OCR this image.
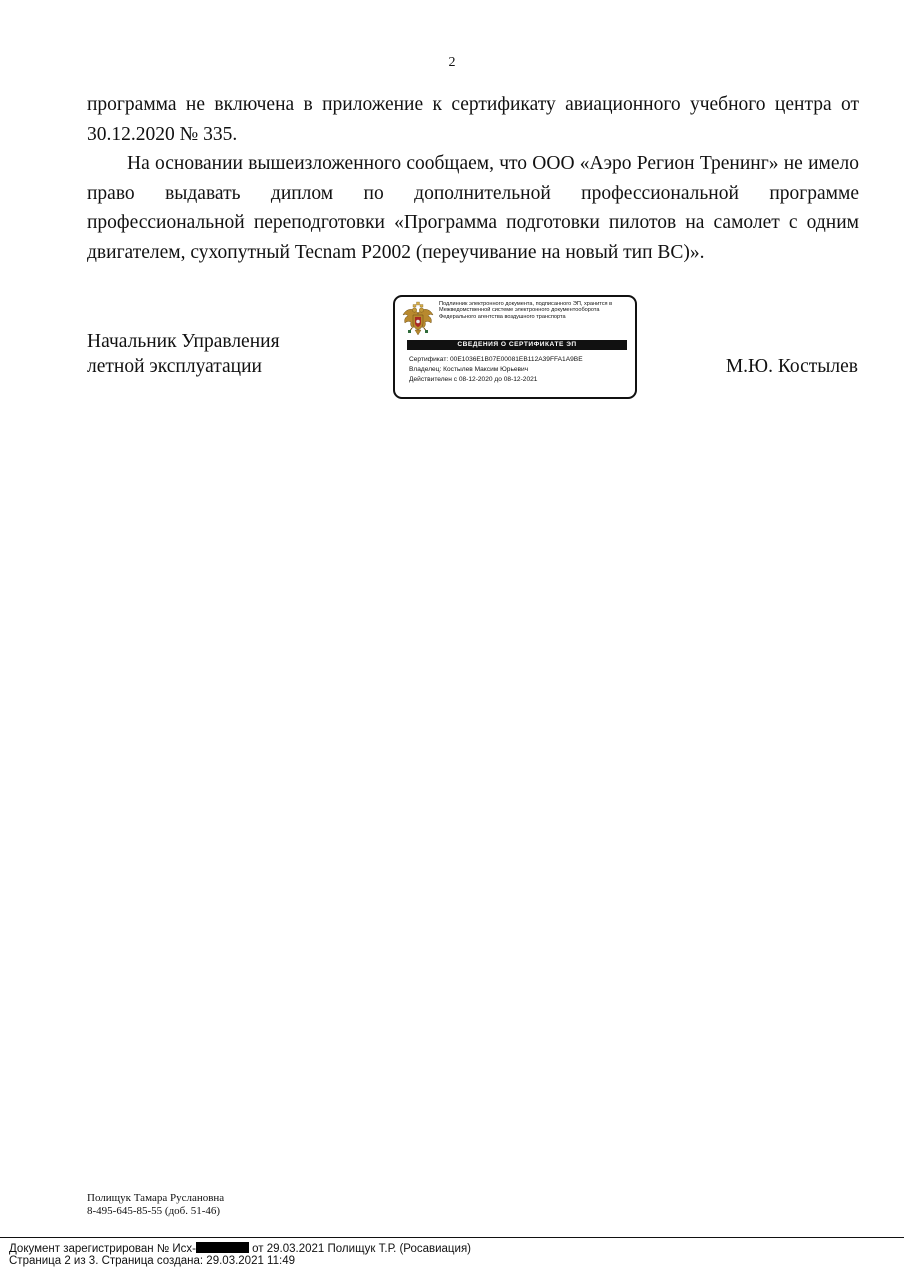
2

программа не включена в приложение к сертификату авиационного учебного центра от 30.12.2020 № 335.

На основании вышеизложенного сообщаем, что ООО «Аэро Регион Тренинг» не имело право выдавать диплом по дополнительной профессиональной программе профессиональной переподготовки «Программа подготовки пилотов на самолет с одним двигателем, сухопутный Tecnam P2002 (переучивание на новый тип ВС)».

Начальник Управления
летной эксплуатации
Подлинник электронного документа, подписанного ЭП, хранится в Межведомственной системе электронного документооборота Федерального агентства воздушного транспорта
СВЕДЕНИЯ О СЕРТИФИКАТЕ ЭП
Сертификат: 00E1036E1B07E00081EB112A39FFA1A9BE
Владелец: Костылев Максим Юрьевич
Действителен с 08-12-2020 до 08-12-2021
М.Ю. Костылев
Полищук Тамара Руслановна
8-495-645-85-55 (доб. 51-46)
Документ зарегистрирован № Исх-	от 29.03.2021 Полищук Т.Р. (Росавиация)
Страница 2 из 3. Страница создана: 29.03.2021 11:49
